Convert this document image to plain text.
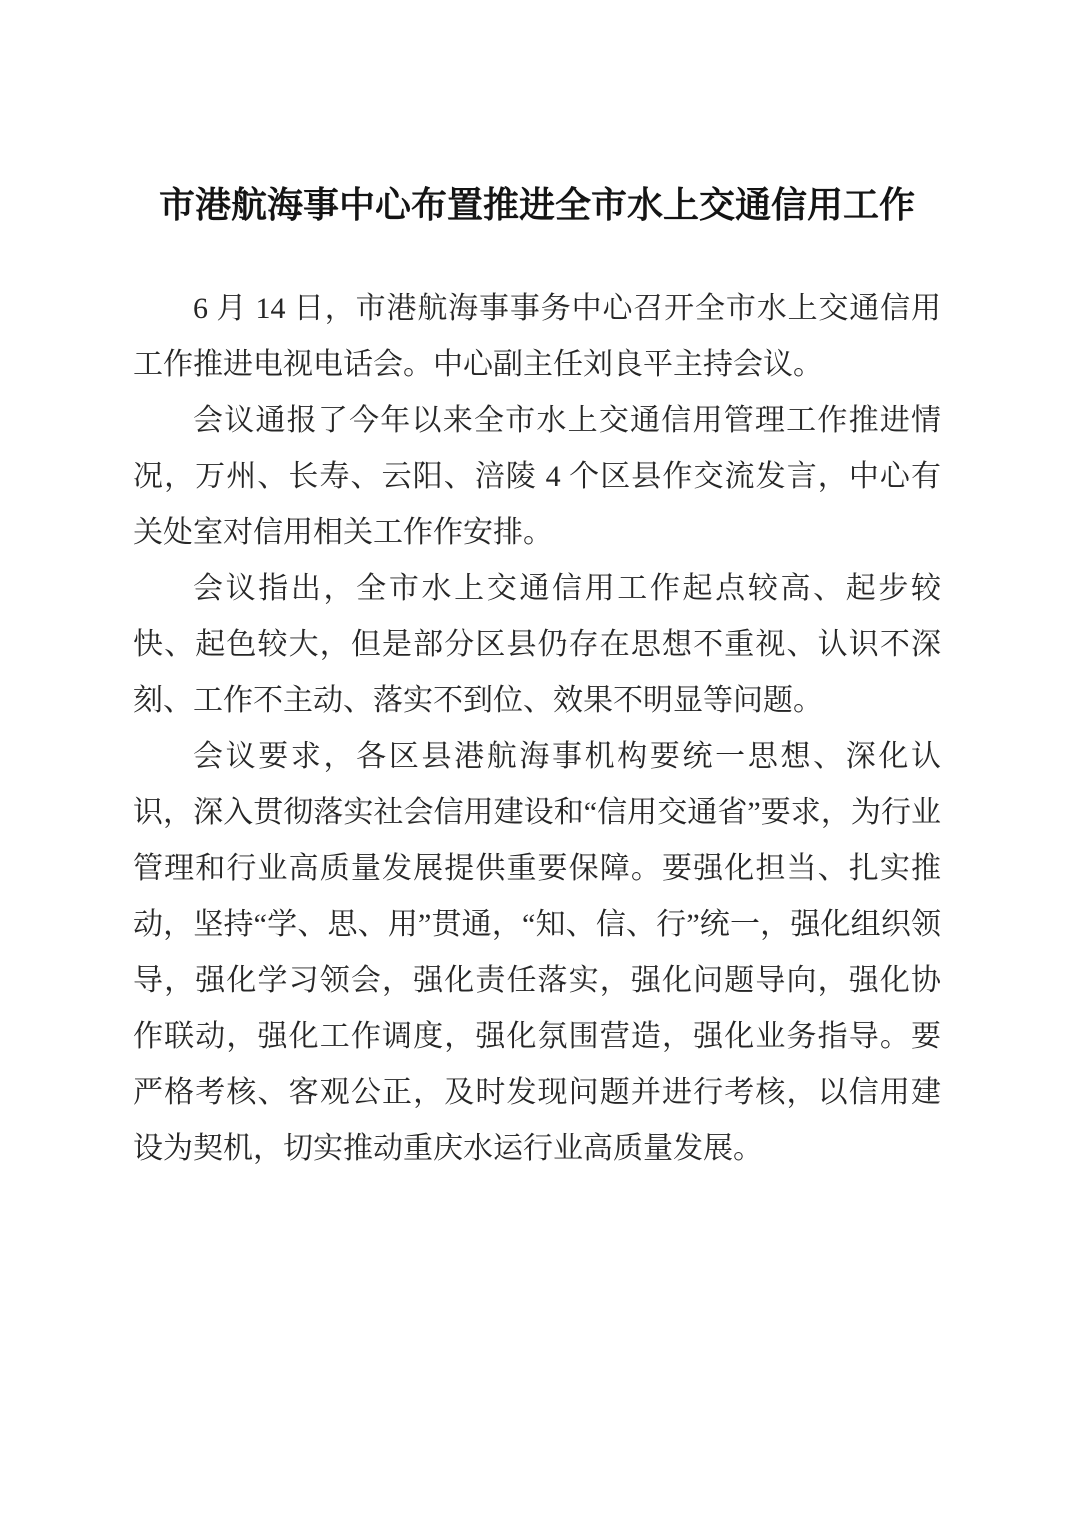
市港航海事中心布置推进全市水上交通信用工作

6 月 14 日，市港航海事事务中心召开全市水上交通信用工作推进电视电话会。中心副主任刘良平主持会议。

会议通报了今年以来全市水上交通信用管理工作推进情况，万州、长寿、云阳、涪陵 4 个区县作交流发言，中心有关处室对信用相关工作作安排。

会议指出，全市水上交通信用工作起点较高、起步较快、起色较大，但是部分区县仍存在思想不重视、认识不深刻、工作不主动、落实不到位、效果不明显等问题。

会议要求，各区县港航海事机构要统一思想、深化认识，深入贯彻落实社会信用建设和“信用交通省”要求，为行业管理和行业高质量发展提供重要保障。要强化担当、扎实推动，坚持“学、思、用”贯通，“知、信、行”统一，强化组织领导，强化学习领会，强化责任落实，强化问题导向，强化协作联动，强化工作调度，强化氛围营造，强化业务指导。要严格考核、客观公正，及时发现问题并进行考核，以信用建设为契机，切实推动重庆水运行业高质量发展。
